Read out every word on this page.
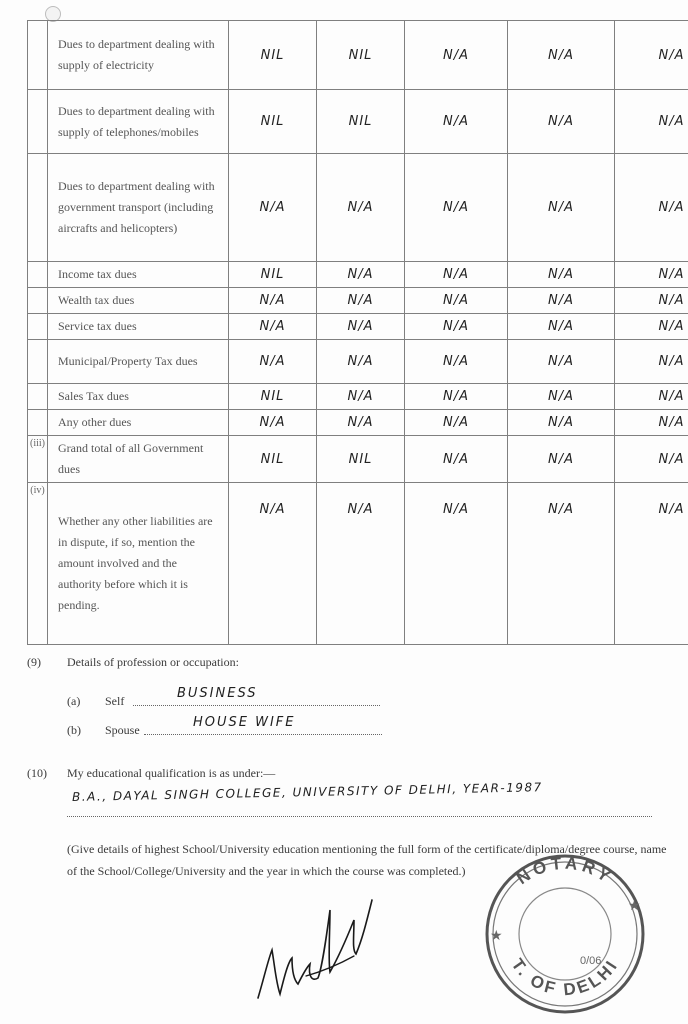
	Dues to department dealing with supply of electricity	NIL	NIL	N/A	N/A	N/A
	Dues to department dealing with supply of telephones/mobiles	NIL	NIL	N/A	N/A	N/A
	Dues to department dealing with government transport (including aircrafts and helicopters)	N/A	N/A	N/A	N/A	N/A
	Income tax dues	NIL	N/A	N/A	N/A	N/A
	Wealth tax dues	N/A	N/A	N/A	N/A	N/A
	Service tax dues	N/A	N/A	N/A	N/A	N/A
	Municipal/Property Tax dues	N/A	N/A	N/A	N/A	N/A
	Sales Tax dues	NIL	N/A	N/A	N/A	N/A
	Any other dues	N/A	N/A	N/A	N/A	N/A
(iii)	Grand total of all Government dues	NIL	NIL	N/A	N/A	N/A
(iv)	Whether any other liabilities are in dispute, if so, mention the amount involved and the authority before which it is pending.	N/A	N/A	N/A	N/A	N/A
(9) Details of profession or occupation:
(a) Self	BUSINESS
(b) Spouse	HOUSE WIFE
(10) My educational qualification is as under:—
B.A., DAYAL SINGH COLLEGE, UNIVERSITY OF DELHI, YEAR-1987
(Give details of highest School/University education mentioning the full form of the certificate/diploma/degree course, name of the School/College/University and the year in which the course was completed.)	NOTARY
T. OF DELHI
★
★
0/06
